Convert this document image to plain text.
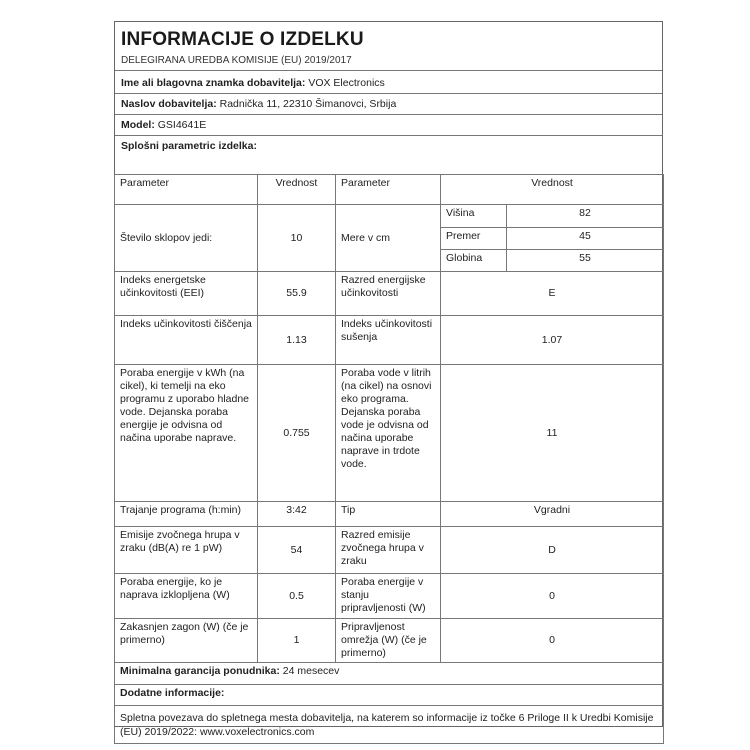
INFORMACIJE O IZDELKU
DELEGIRANA UREDBA KOMISIJE (EU) 2019/2017
Ime ali blagovna znamka dobavitelja: VOX Electronics
Naslov dobavitelja: Radnička 11, 22310 Šimanovci, Srbija
Model: GSI4641E
Splošni parametric izdelka:
Parameter	Vrednost	Parameter	Vrednost	
Število sklopov jedi:	10	Mere v cm	Višina	82
			Premer	45
			Globina	55
Indeks energetske učinkovitosti (EEI)	55.9	Razred energijske učinkovitosti	E	
Indeks učinkovitosti čiščenja	1.13	Indeks učinkovitosti sušenja	1.07	
Poraba energije v kWh (na cikel), ki temelji na eko programu z uporabo hladne vode. Dejanska poraba energije je odvisna od načina uporabe naprave.	0.755	Poraba vode v litrih (na cikel) na osnovi eko programa. Dejanska poraba vode je odvisna od načina uporabe naprave in trdote vode.	11	
Trajanje programa (h:min)	3:42	Tip	Vgradni	
Emisije zvočnega hrupa v zraku (dB(A) re 1 pW)	54	Razred emisije zvočnega hrupa v zraku	D	
Poraba energije, ko je naprava izklopljena (W)	0.5	Poraba energije v stanju pripravljenosti (W)	0	
Zakasnjen zagon (W) (če je primerno)	1	Pripravljenost omrežja (W) (če je primerno)	0	
Minimalna garancija ponudnika: 24 mesecev				
Dodatne informacije:				
Spletna povezava do spletnega mesta dobavitelja, na katerem so informacije iz točke 6 Priloge II k Uredbi Komisije (EU) 2019/2022: www.voxelectronics.com				
